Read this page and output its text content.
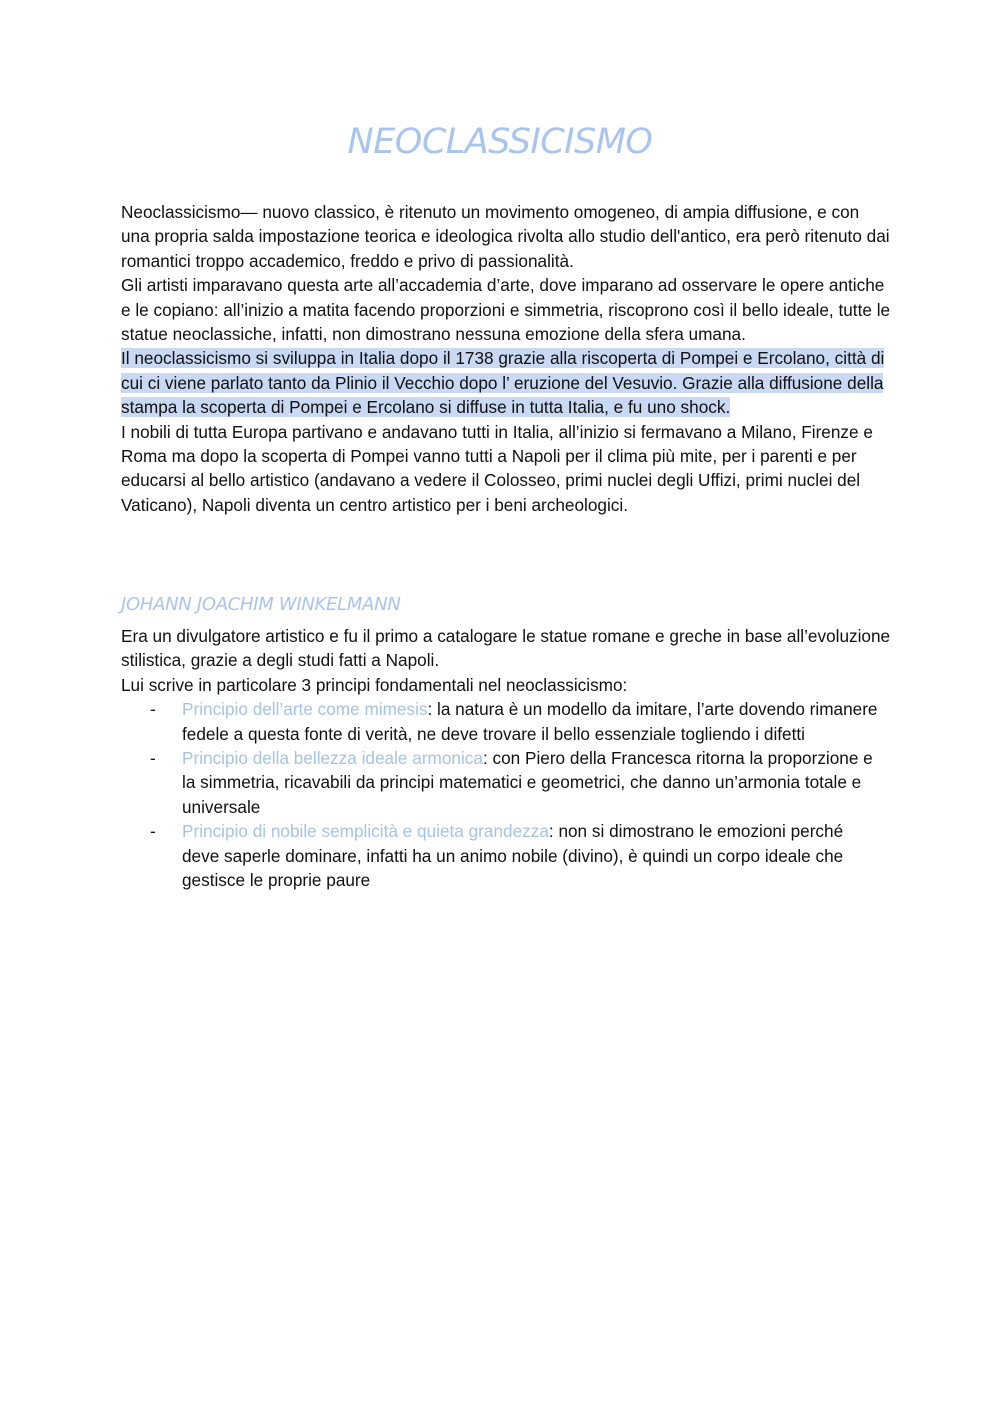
NEOCLASSICISMO

Neoclassicismo— nuovo classico, è ritenuto un movimento omogeneo, di ampia diffusione, e con una propria salda impostazione teorica e ideologica rivolta allo studio dell'antico, era però ritenuto dai romantici troppo accademico, freddo e privo di passionalità.

Gli artisti imparavano questa arte all’accademia d’arte, dove imparano ad osservare le opere antiche e le copiano: all’inizio a matita facendo proporzioni e simmetria, riscoprono così il bello ideale, tutte le statue neoclassiche, infatti, non dimostrano nessuna emozione della sfera umana.

Il neoclassicismo si sviluppa in Italia dopo il 1738 grazie alla riscoperta di Pompei e Ercolano, città di cui ci viene parlato tanto da Plinio il Vecchio dopo l’ eruzione del Vesuvio. Grazie alla diffusione della stampa la scoperta di Pompei e Ercolano si diffuse in tutta Italia, e fu uno shock.

I nobili di tutta Europa partivano e andavano tutti in Italia, all’inizio si fermavano a Milano, Firenze e Roma ma dopo la scoperta di Pompei vanno tutti a Napoli per il clima più mite, per i parenti e per educarsi al bello artistico (andavano a vedere il Colosseo, primi nuclei degli Uffizi, primi nuclei del Vaticano), Napoli diventa un centro artistico per i beni archeologici.

JOHANN JOACHIM WINKELMANN

Era un divulgatore artistico e fu il primo a catalogare le statue romane e greche in base all’evoluzione stilistica, grazie a degli studi fatti a Napoli.

Lui scrive in particolare 3 principi fondamentali nel neoclassicismo:

- Principio dell’arte come mimesis: la natura è un modello da imitare, l’arte dovendo rimanere fedele a questa fonte di verità, ne deve trovare il bello essenziale togliendo i difetti
- Principio della bellezza ideale armonica: con Piero della Francesca ritorna la proporzione e la simmetria, ricavabili da principi matematici e geometrici, che danno un’armonia totale e universale
- Principio di nobile semplicità e quieta grandezza: non si dimostrano le emozioni perché deve saperle dominare, infatti ha un animo nobile (divino), è quindi un corpo ideale che gestisce le proprie paure
